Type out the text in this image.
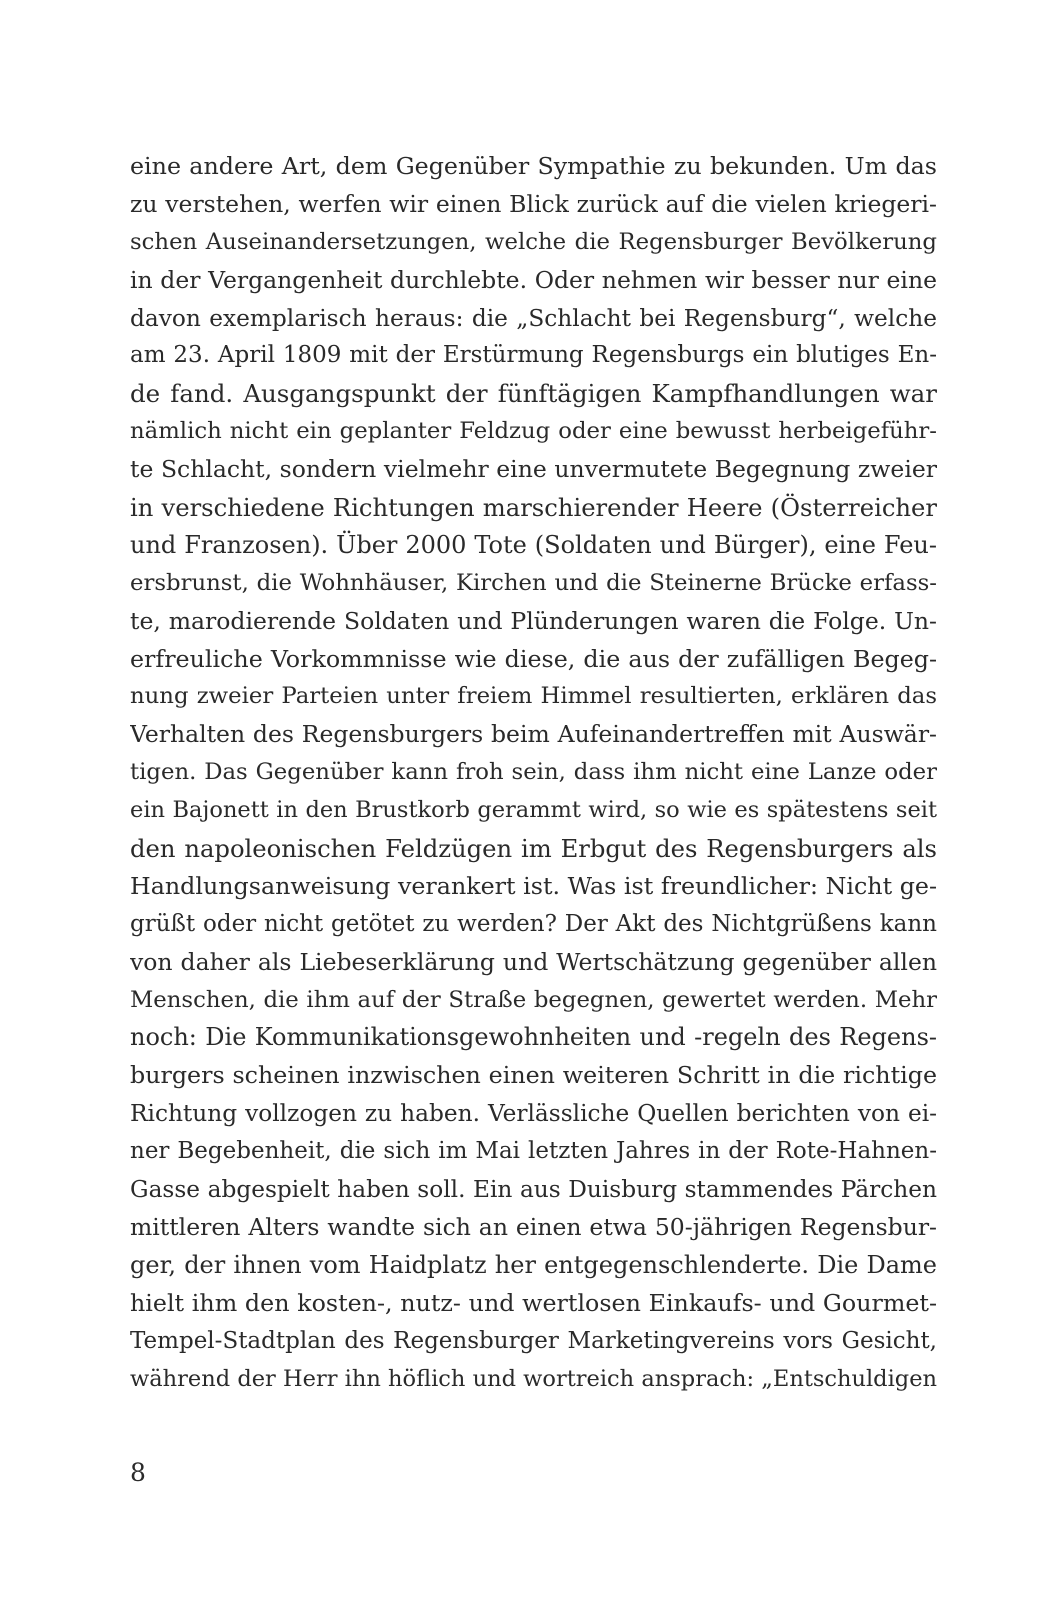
eine andere Art, dem Gegenüber Sympathie zu bekunden. Um das
zu verstehen, werfen wir einen Blick zurück auf die vielen kriegeri-
schen Auseinandersetzungen, welche die Regensburger Bevölkerung
in der Vergangenheit durchlebte. Oder nehmen wir besser nur eine
davon exemplarisch heraus: die „Schlacht bei Regensburg“, welche
am 23. April 1809 mit der Erstürmung Regensburgs ein blutiges En-
de fand. Ausgangspunkt der fünftägigen Kampfhandlungen war
nämlich nicht ein geplanter Feldzug oder eine bewusst herbeigeführ-
te Schlacht, sondern vielmehr eine unvermutete Begegnung zweier
in verschiedene Richtungen marschierender Heere (Österreicher
und Franzosen). Über 2000 Tote (Soldaten und Bürger), eine Feu-
ersbrunst, die Wohnhäuser, Kirchen und die Steinerne Brücke erfass-
te, marodierende Soldaten und Plünderungen waren die Folge. Un-
erfreuliche Vorkommnisse wie diese, die aus der zufälligen Begeg-
nung zweier Parteien unter freiem Himmel resultierten, erklären das
Verhalten des Regensburgers beim Aufeinandertreffen mit Auswär-
tigen. Das Gegenüber kann froh sein, dass ihm nicht eine Lanze oder
ein Bajonett in den Brustkorb gerammt wird, so wie es spätestens seit
den napoleonischen Feldzügen im Erbgut des Regensburgers als
Handlungsanweisung verankert ist. Was ist freundlicher: Nicht ge-
grüßt oder nicht getötet zu werden? Der Akt des Nichtgrüßens kann
von daher als Liebeserklärung und Wertschätzung gegenüber allen
Menschen, die ihm auf der Straße begegnen, gewertet werden. Mehr
noch: Die Kommunikationsgewohnheiten und -regeln des Regens-
burgers scheinen inzwischen einen weiteren Schritt in die richtige
Richtung vollzogen zu haben. Verlässliche Quellen berichten von ei-
ner Begebenheit, die sich im Mai letzten Jahres in der Rote-Hahnen-
Gasse abgespielt haben soll. Ein aus Duisburg stammendes Pärchen
mittleren Alters wandte sich an einen etwa 50-jährigen Regensbur-
ger, der ihnen vom Haidplatz her entgegenschlenderte. Die Dame
hielt ihm den kosten-, nutz- und wertlosen Einkaufs- und Gourmet-
Tempel-Stadtplan des Regensburger Marketingvereins vors Gesicht,
während der Herr ihn höflich und wortreich ansprach: „Entschuldigen
8
